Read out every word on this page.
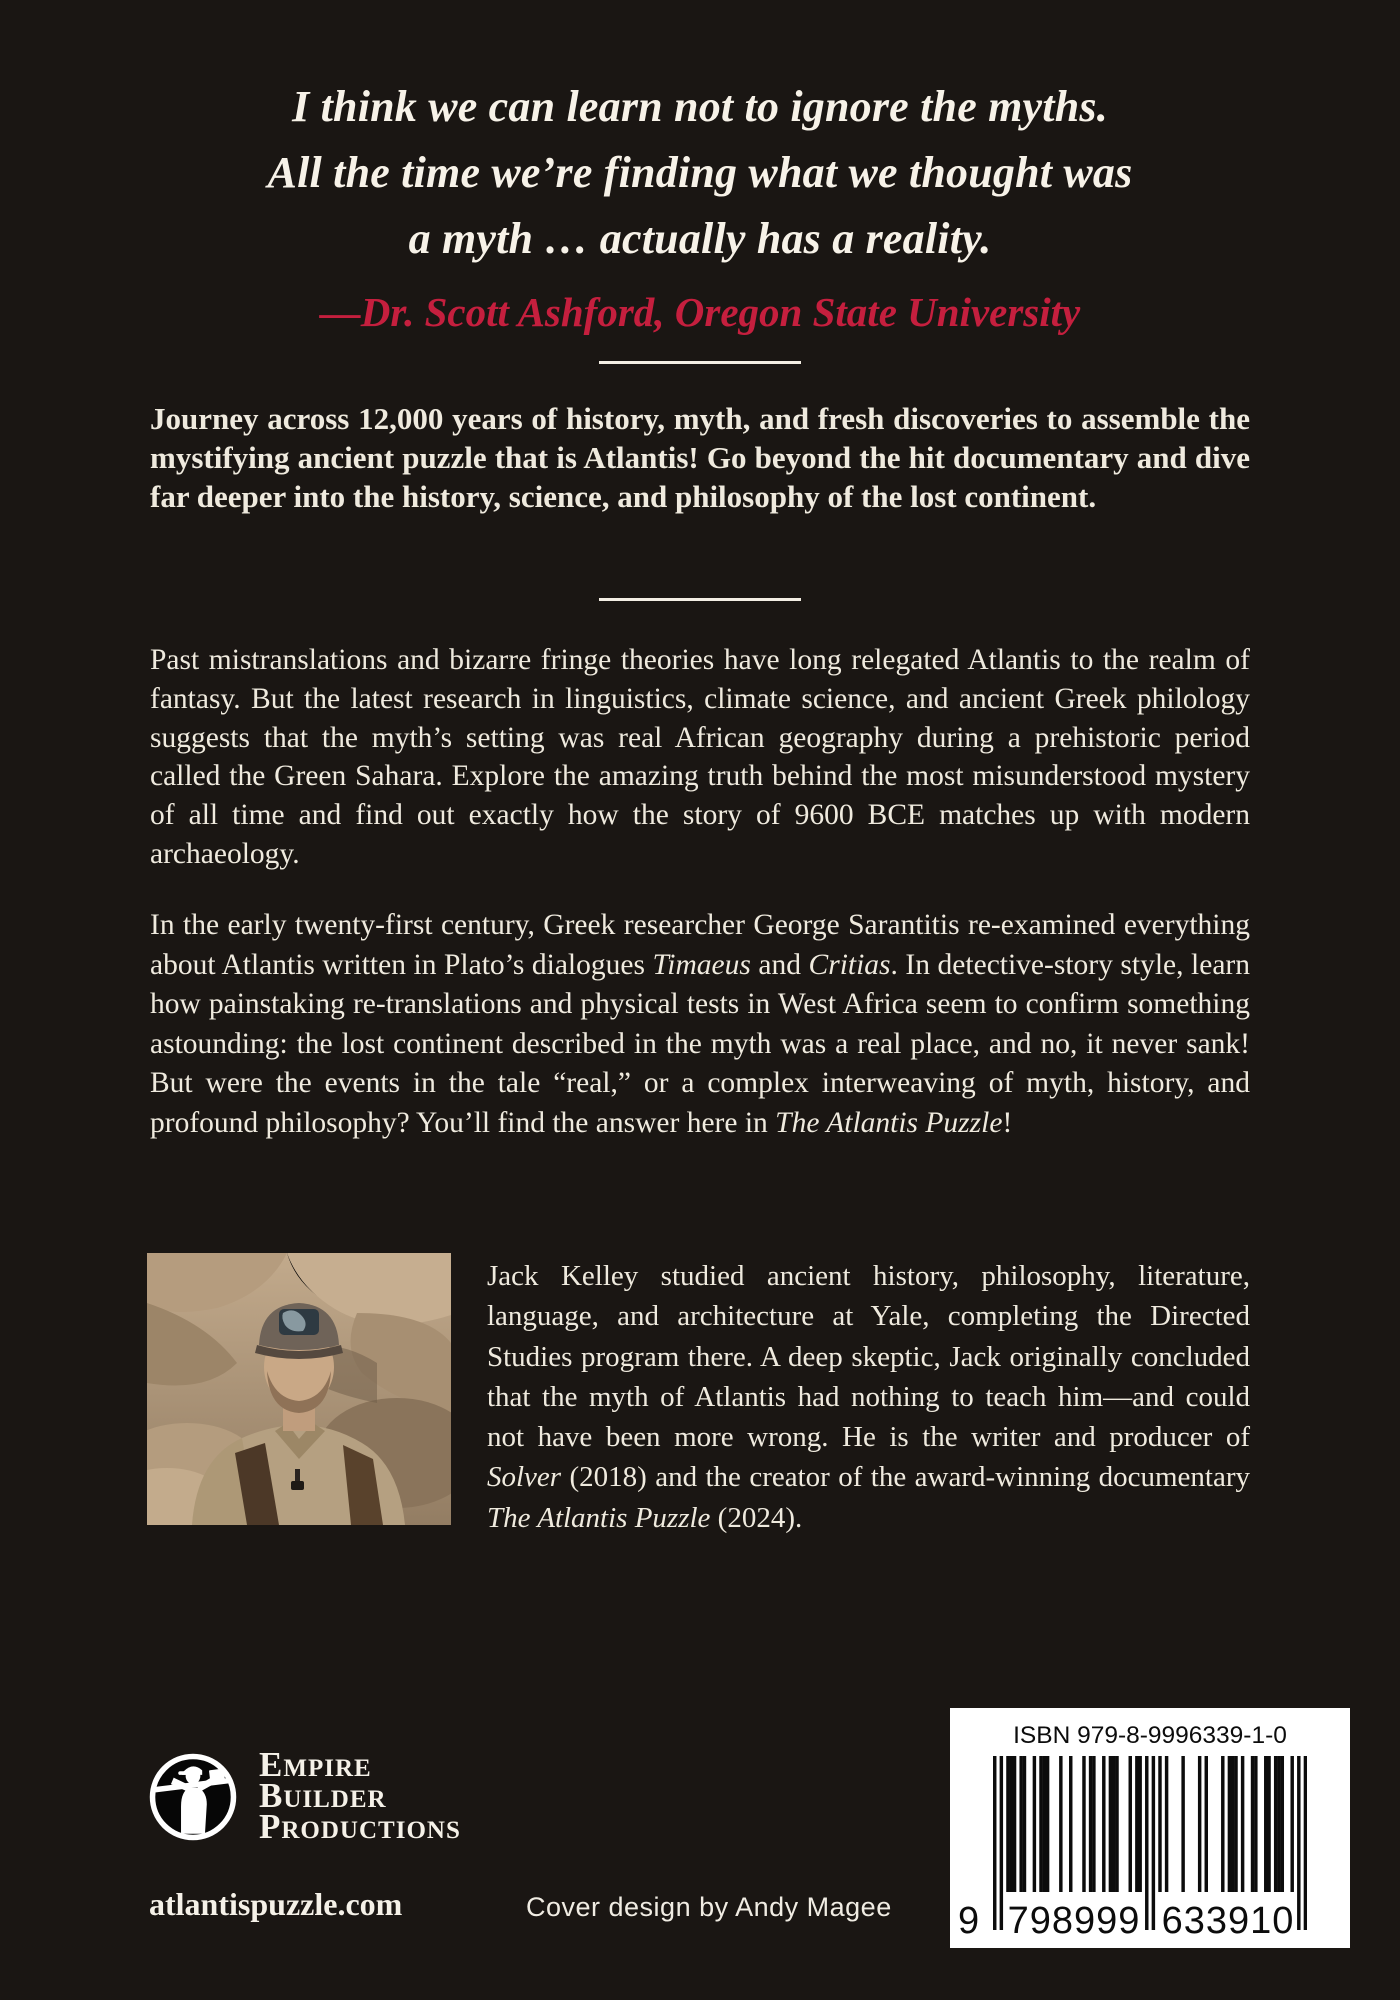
I think we can learn not to ignore the myths.
All the time we’re finding what we thought was
a myth … actually has a reality.
—Dr. Scott Ashford, Oregon State University
Journey across 12,000 years of history, myth, and fresh discoveries to assemble the mystifying ancient puzzle that is Atlantis! Go beyond the hit documentary and dive far deeper into the history, science, and philosophy of the lost continent.
Past mistranslations and bizarre fringe theories have long relegated Atlantis to the realm of fantasy. But the latest research in linguistics, climate science, and ancient Greek philology suggests that the myth’s setting was real African geography during a prehistoric period called the Green Sahara. Explore the amazing truth behind the most misunderstood mystery of all time and find out exactly how the story of 9600 BCE matches up with modern archaeology.
In the early twenty-first century, Greek researcher George Sarantitis re-examined everything about Atlantis written in Plato’s dialogues Timaeus and Critias. In detective-story style, learn how painstaking re-translations and physical tests in West Africa seem to confirm something astounding: the lost continent described in the myth was a real place, and no, it never sank! But were the events in the tale “real,” or a complex interweaving of myth, history, and profound philosophy? You’ll find the answer here in The Atlantis Puzzle!
Jack Kelley studied ancient history, philosophy, literature, language, and architecture at Yale, completing the Directed Studies program there. A deep skeptic, Jack originally concluded that the myth of Atlantis had nothing to teach him—and could not have been more wrong. He is the writer and producer of Solver (2018) and the creator of the award-winning documentary The Atlantis Puzzle (2024).
Empire
Builder
Productions
atlantispuzzle.com	Cover design by Andy Magee
ISBN 979-8-9996339-1-0
9 798999 633910
